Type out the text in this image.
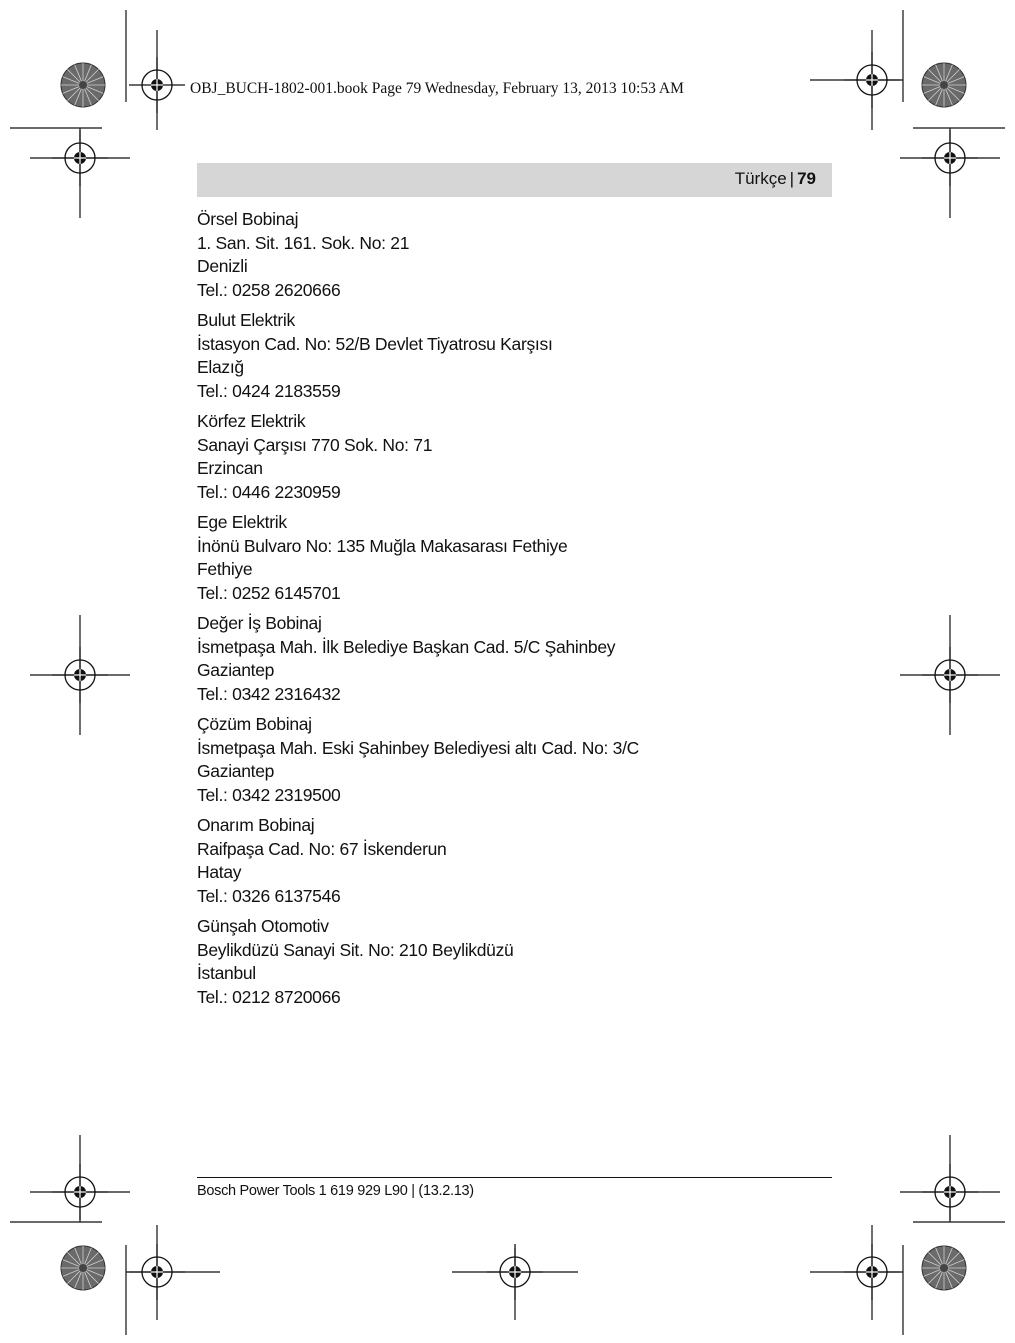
OBJ_BUCH-1802-001.book Page 79 Wednesday, February 13, 2013 10:53 AM
Türkçe | 79
Örsel Bobinaj
1. San. Sit. 161. Sok. No: 21
Denizli
Tel.: 0258 2620666
Bulut Elektrik
İstasyon Cad. No: 52/B Devlet Tiyatrosu Karşısı
Elazığ
Tel.: 0424 2183559
Körfez Elektrik
Sanayi Çarşısı 770 Sok. No: 71
Erzincan
Tel.: 0446 2230959
Ege Elektrik
İnönü Bulvaro No: 135 Muğla Makasarası Fethiye
Fethiye
Tel.: 0252 6145701
Değer İş Bobinaj
İsmetpaşa Mah. İlk Belediye Başkan Cad. 5/C Şahinbey
Gaziantep
Tel.: 0342 2316432
Çözüm Bobinaj
İsmetpaşa Mah. Eski Şahinbey Belediyesi altı Cad. No: 3/C
Gaziantep
Tel.: 0342 2319500
Onarım Bobinaj
Raifpaşa Cad. No: 67 İskenderun
Hatay
Tel.: 0326 6137546
Günşah Otomotiv
Beylikdüzü Sanayi Sit. No: 210 Beylikdüzü
İstanbul
Tel.: 0212 8720066
Bosch Power Tools 1 619 929 L90 | (13.2.13)
